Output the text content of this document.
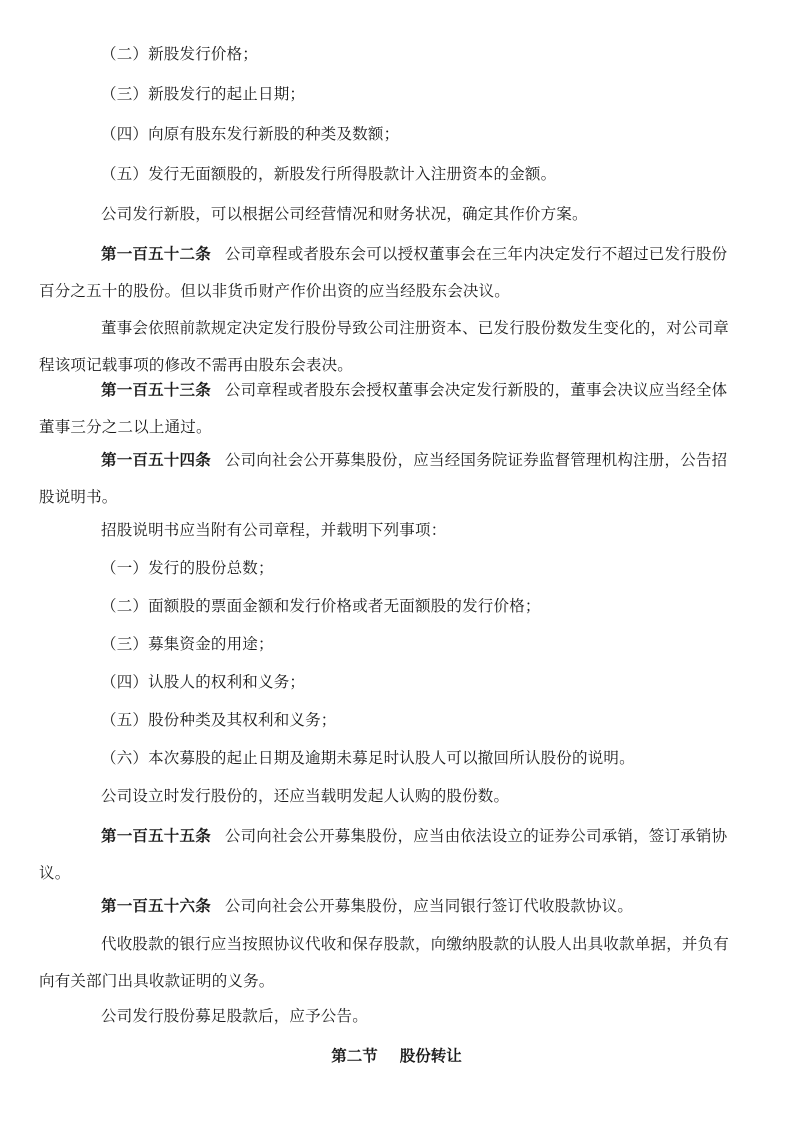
（二）新股发行价格；
（三）新股发行的起止日期；
（四）向原有股东发行新股的种类及数额；
（五）发行无面额股的，新股发行所得股款计入注册资本的金额。
公司发行新股，可以根据公司经营情况和财务状况，确定其作价方案。
第一百五十二条 公司章程或者股东会可以授权董事会在三年内决定发行不超过已发行股份
百分之五十的股份。但以非货币财产作价出资的应当经股东会决议。
董事会依照前款规定决定发行股份导致公司注册资本、已发行股份数发生变化的，对公司章
程该项记载事项的修改不需再由股东会表决。
第一百五十三条 公司章程或者股东会授权董事会决定发行新股的，董事会决议应当经全体
董事三分之二以上通过。
第一百五十四条 公司向社会公开募集股份，应当经国务院证券监督管理机构注册，公告招
股说明书。
招股说明书应当附有公司章程，并载明下列事项：
（一）发行的股份总数；
（二）面额股的票面金额和发行价格或者无面额股的发行价格；
（三）募集资金的用途；
（四）认股人的权利和义务；
（五）股份种类及其权利和义务；
（六）本次募股的起止日期及逾期未募足时认股人可以撤回所认股份的说明。
公司设立时发行股份的，还应当载明发起人认购的股份数。
第一百五十五条 公司向社会公开募集股份，应当由依法设立的证券公司承销，签订承销协
议。
第一百五十六条 公司向社会公开募集股份，应当同银行签订代收股款协议。
代收股款的银行应当按照协议代收和保存股款，向缴纳股款的认股人出具收款单据，并负有
向有关部门出具收款证明的义务。
公司发行股份募足股款后，应予公告。
第二节 股份转让
